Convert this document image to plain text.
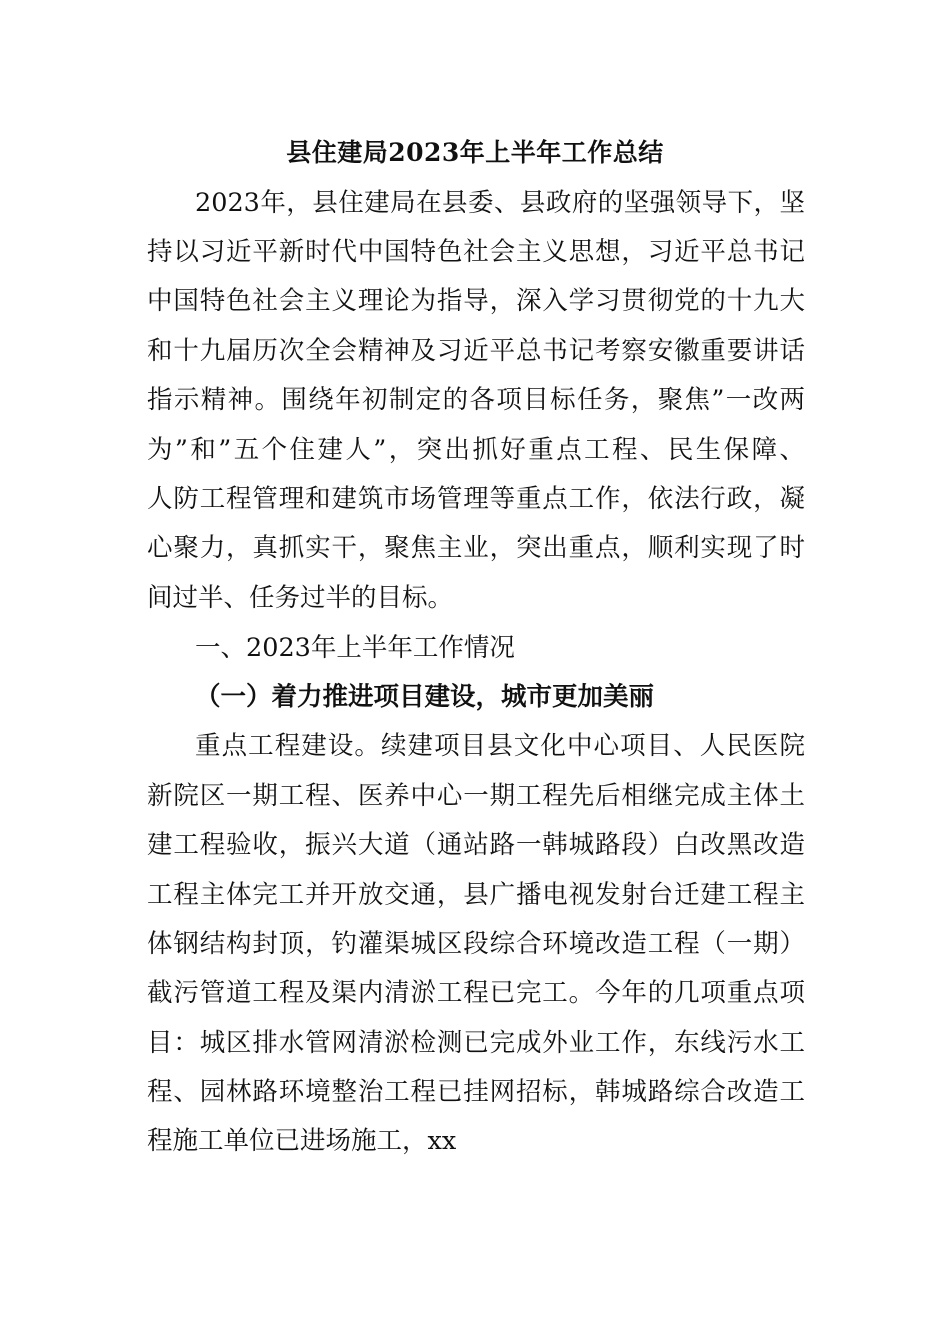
县住建局2023年上半年工作总结
2023年，县住建局在县委、县政府的坚强领导下，坚
持以习近平新时代中国特色社会主义思想，习近平总书记
中国特色社会主义理论为指导，深入学习贯彻党的十九大
和十九届历次全会精神及习近平总书记考察安徽重要讲话
指示精神。围绕年初制定的各项目标任务，聚焦”一改两
为”和”五个住建人”，突出抓好重点工程、民生保障、
人防工程管理和建筑市场管理等重点工作，依法行政，凝
心聚力，真抓实干，聚焦主业，突出重点，顺利实现了时
间过半、任务过半的目标。
一、2023年上半年工作情况
（一）着力推进项目建设，城市更加美丽
重点工程建设。续建项目县文化中心项目、人民医院
新院区一期工程、医养中心一期工程先后相继完成主体土
建工程验收，振兴大道（通站路一韩城路段）白改黑改造
工程主体完工并开放交通，县广播电视发射台迁建工程主
体钢结构封顶，钓灌渠城区段综合环境改造工程（一期）
截污管道工程及渠内清淤工程已完工。今年的几项重点项
目：城区排水管网清淤检测已完成外业工作，东线污水工
程、园林路环境整治工程已挂网招标，韩城路综合改造工
程施工单位已进场施工，xx
